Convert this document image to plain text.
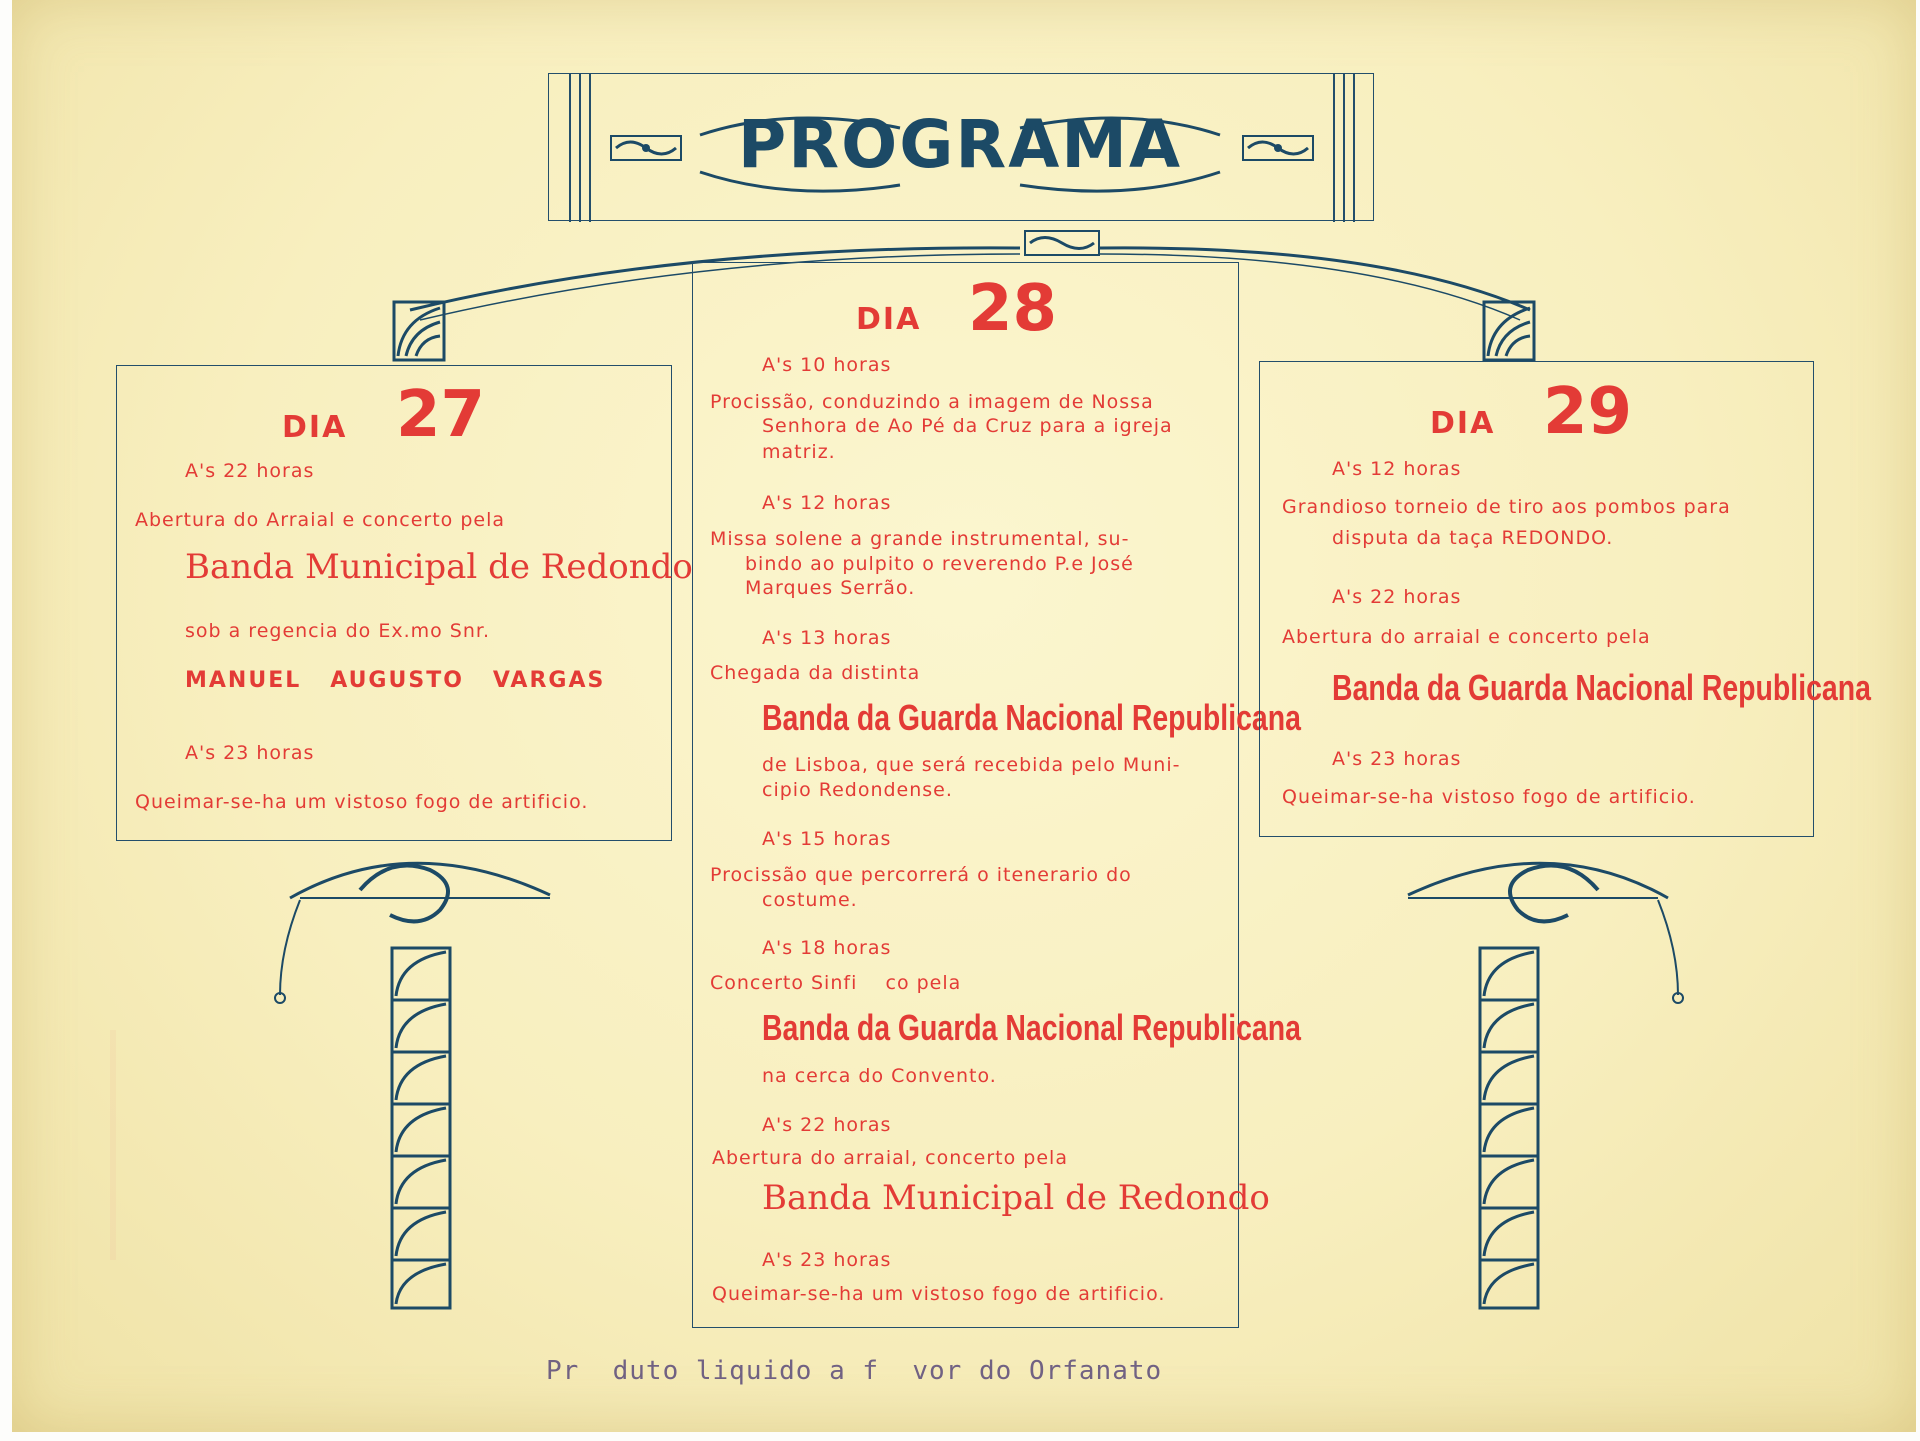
PROGRAMA
DIA 27
A's 22 horas
Abertura do Arraial e concerto pela
Banda Municipal de Redondo
sob a regencia do Ex.mo Snr.
MANUEL   AUGUSTO   VARGAS
A's 23 horas
Queimar-se-ha um vistoso fogo de artificio.
DIA 28
A's 10 horas
Procissão, conduzindo a imagem de Nossa
Senhora de Ao Pé da Cruz para a igreja
matriz.
A's 12 horas
Missa solene a grande instrumental, su-
bindo ao pulpito o reverendo P.e José
Marques Serrão.
A's 13 horas
Chegada da distinta
Banda da Guarda Nacional Republicana
de Lisboa, que será recebida pelo Muni-
cipio Redondense.
A's 15 horas
Procissão que percorrerá o itenerario do
costume.
A's 18 horas
Concerto Sinfi    co pela
Banda da Guarda Nacional Republicana
na cerca do Convento.
A's 22 horas
Abertura do arraial, concerto pela
Banda Municipal de Redondo
A's 23 horas
Queimar-se-ha um vistoso fogo de artificio.
DIA 29
A's 12 horas
Grandioso torneio de tiro aos pombos para
disputa da taça REDONDO.
A's 22 horas
Abertura do arraial e concerto pela
Banda da Guarda Nacional Republicana
A's 23 horas
Queimar-se-ha vistoso fogo de artificio.
Pr  duto liquido a f  vor do Orfanato
